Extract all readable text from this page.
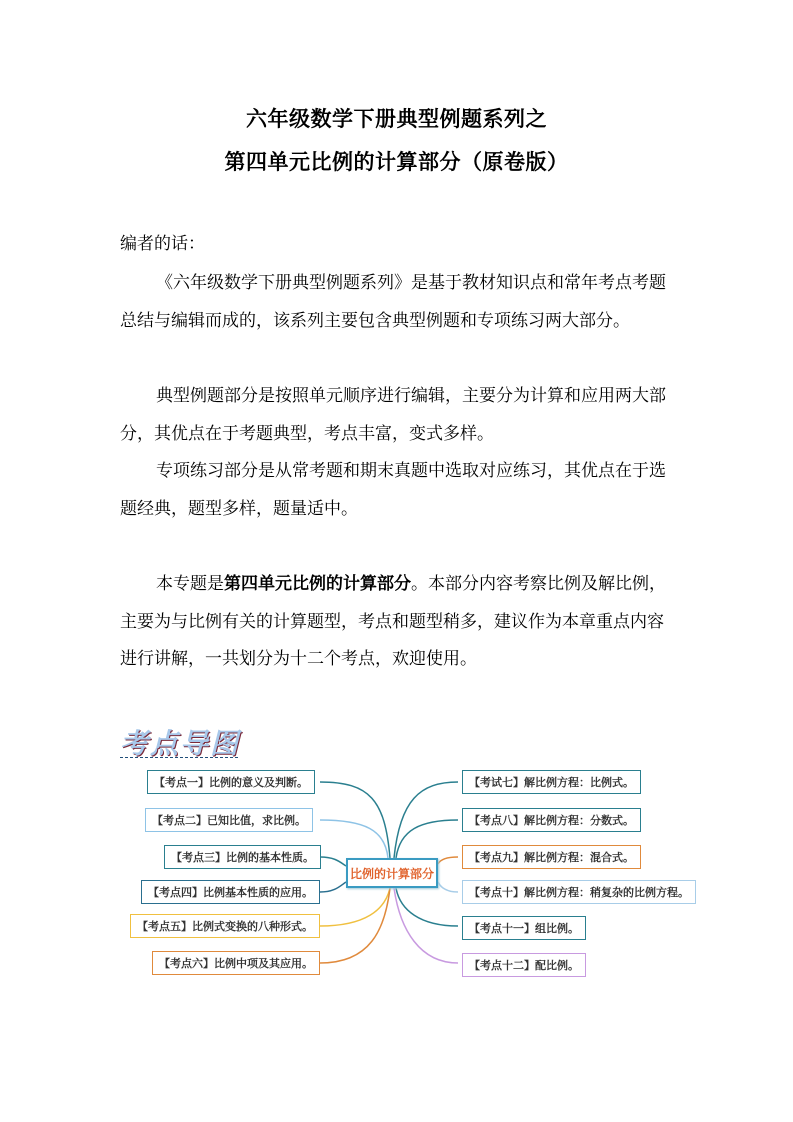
六年级数学下册典型例题系列之
第四单元比例的计算部分（原卷版）
编者的话：
《六年级数学下册典型例题系列》是基于教材知识点和常年考点考题总结与编辑而成的，该系列主要包含典型例题和专项练习两大部分。
典型例题部分是按照单元顺序进行编辑，主要分为计算和应用两大部分，其优点在于考题典型，考点丰富，变式多样。
专项练习部分是从常考题和期末真题中选取对应练习，其优点在于选题经典，题型多样，题量适中。
本专题是第四单元比例的计算部分。本部分内容考察比例及解比例，主要为与比例有关的计算题型，考点和题型稍多，建议作为本章重点内容进行讲解，一共划分为十二个考点，欢迎使用。
考点导图
比例的计算部分
【考点一】比例的意义及判断。
【考点二】已知比值，求比例。
【考点三】比例的基本性质。
【考点四】比例基本性质的应用。
【考点五】比例式变换的八种形式。
【考点六】比例中项及其应用。
【考试七】解比例方程：比例式。
【考点八】解比例方程：分数式。
【考点九】解比例方程：混合式。
【考点十】解比例方程：稍复杂的比例方程。
【考点十一】组比例。
【考点十二】配比例。
